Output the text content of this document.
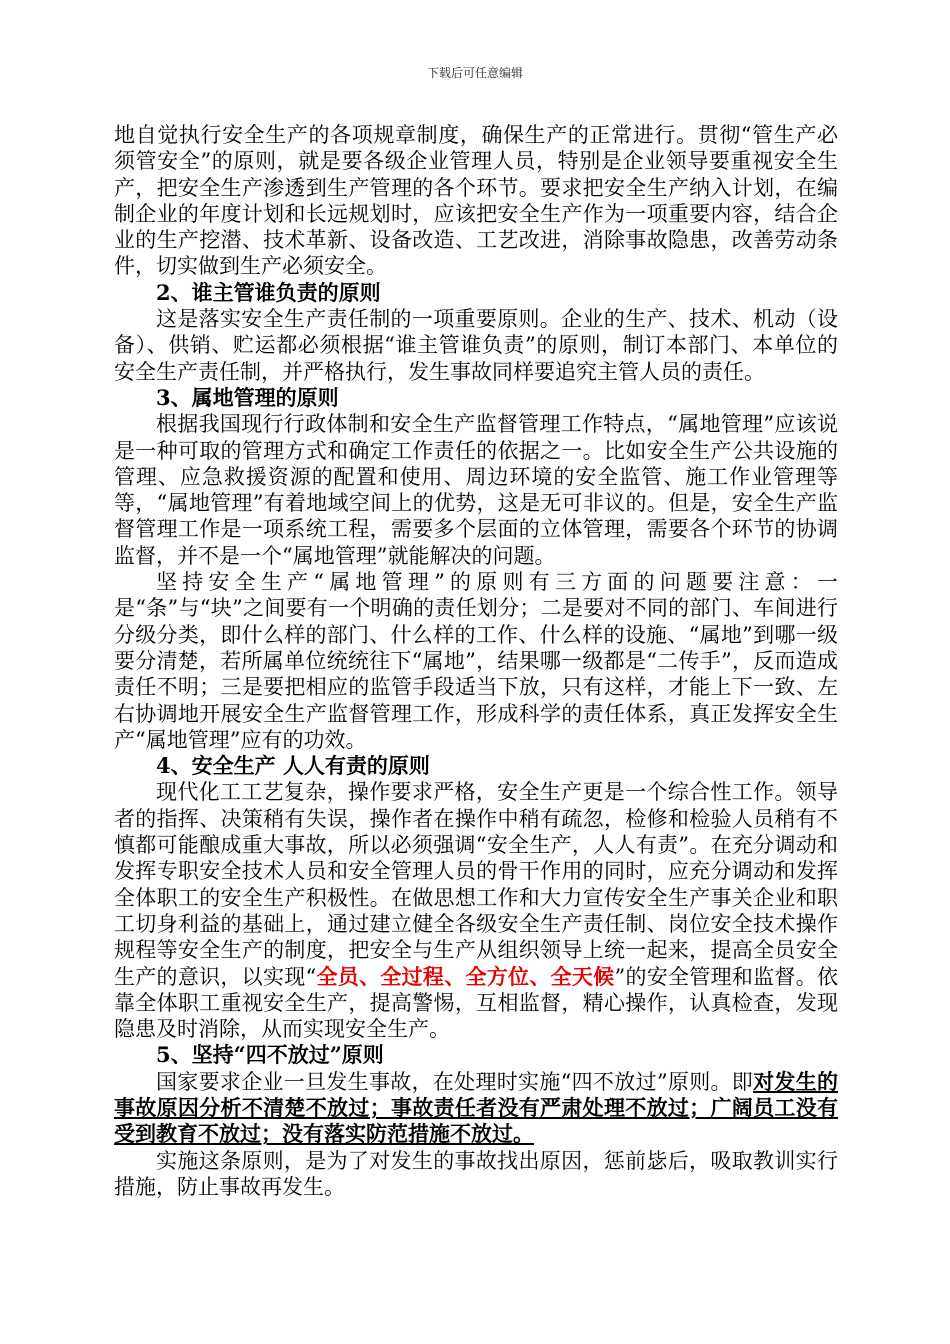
下载后可任意编辑

地自觉执行安全生产的各项规章制度，确保生产的正常进行。贯彻“管生产必须管安全”的原则，就是要各级企业管理人员，特别是企业领导要重视安全生产，把安全生产渗透到生产管理的各个环节。要求把安全生产纳入计划，在编制企业的年度计划和长远规划时，应该把安全生产作为一项重要内容，结合企业的生产挖潜、技术革新、设备改造、工艺改进，消除事故隐患，改善劳动条件，切实做到生产必须安全。

2、谁主管谁负责的原则

这是落实安全生产责任制的一项重要原则。企业的生产、技术、机动（设备）、供销、贮运都必须根据“谁主管谁负责”的原则，制订本部门、本单位的安全生产责任制，并严格执行，发生事故同样要追究主管人员的责任。

3、属地管理的原则

根据我国现行行政体制和安全生产监督管理工作特点，“属地管理”应该说是一种可取的管理方式和确定工作责任的依据之一。比如安全生产公共设施的管理、应急救援资源的配置和使用、周边环境的安全监管、施工作业管理等等，“属地管理”有着地域空间上的优势，这是无可非议的。但是，安全生产监督管理工作是一项系统工程，需要多个层面的立体管理，需要各个环节的协调监督，并不是一个“属地管理”就能解决的问题。

坚持安全生产“属地管理”的原则有三方面的问题要注意：一是“条”与“块”之间要有一个明确的责任划分；二是要对不同的部门、车间进行分级分类，即什么样的部门、什么样的工作、什么样的设施、“属地”到哪一级要分清楚，若所属单位统统往下“属地”，结果哪一级都是“二传手”，反而造成责任不明；三是要把相应的监管手段适当下放，只有这样，才能上下一致、左右协调地开展安全生产监督管理工作，形成科学的责任体系，真正发挥安全生产“属地管理”应有的功效。

4、安全生产 人人有责的原则

现代化工工艺复杂，操作要求严格，安全生产更是一个综合性工作。领导者的指挥、决策稍有失误，操作者在操作中稍有疏忽，检修和检验人员稍有不慎都可能酿成重大事故，所以必须强调“安全生产，人人有责”。在充分调动和发挥专职安全技术人员和安全管理人员的骨干作用的同时，应充分调动和发挥全体职工的安全生产积极性。在做思想工作和大力宣传安全生产事关企业和职工切身利益的基础上，通过建立健全各级安全生产责任制、岗位安全技术操作规程等安全生产的制度，把安全与生产从组织领导上统一起来，提高全员安全生产的意识，以实现“全员、全过程、全方位、全天候”的安全管理和监督。依靠全体职工重视安全生产，提高警惕，互相监督，精心操作，认真检查，发现隐患及时消除，从而实现安全生产。

5、坚持“四不放过”原则

国家要求企业一旦发生事故，在处理时实施“四不放过”原则。即对发生的事故原因分析不清楚不放过；事故责任者没有严肃处理不放过；广阔员工没有受到教育不放过；没有落实防范措施不放过。

实施这条原则，是为了对发生的事故找出原因，惩前毖后，吸取教训实行措施，防止事故再发生。
